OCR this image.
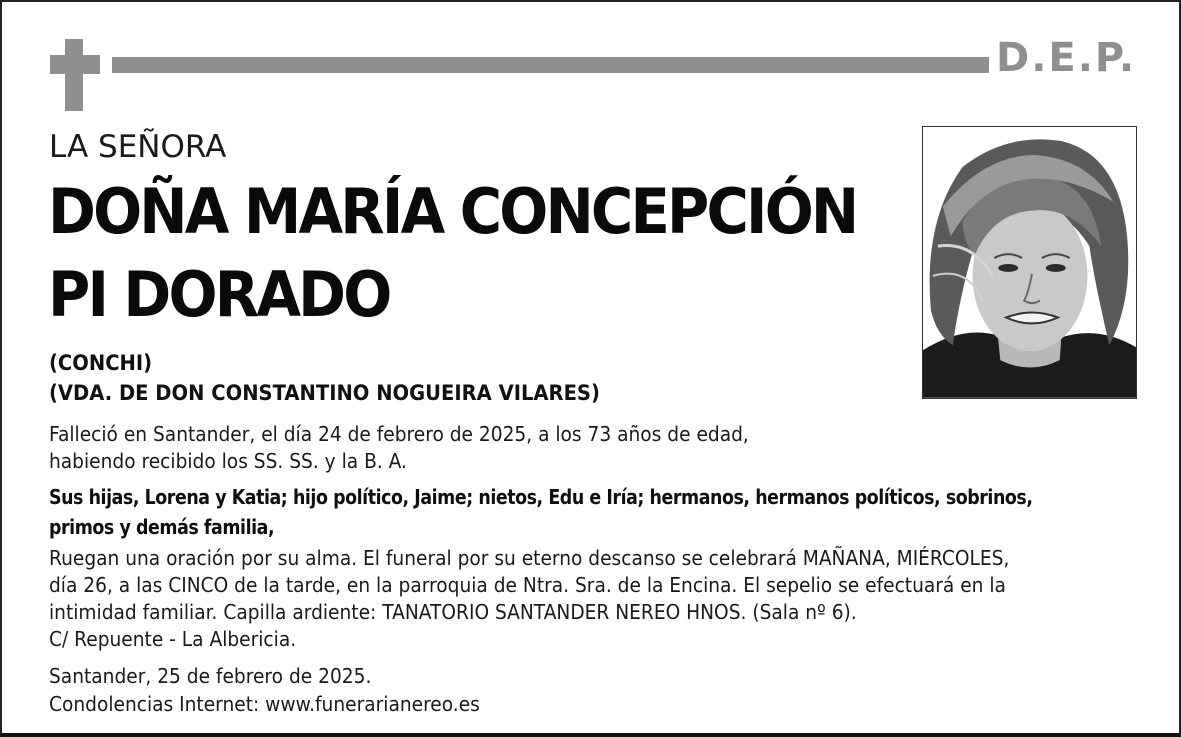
D.E.P.
LA SEÑORA
DOÑA MARÍA CONCEPCIÓN
PI DORADO
(CONCHI)
(VDA. DE DON CONSTANTINO NOGUEIRA VILARES)
Falleció en Santander, el día 24 de febrero de 2025, a los 73 años de edad,
habiendo recibido los SS. SS. y la B. A.
Sus hijas, Lorena y Katia; hijo político, Jaime; nietos, Edu e Iría; hermanos, hermanos políticos, sobrinos,
primos y demás familia,
Ruegan una oración por su alma. El funeral por su eterno descanso se celebrará MAÑANA, MIÉRCOLES,
día 26, a las CINCO de la tarde, en la parroquia de Ntra. Sra. de la Encina. El sepelio se efectuará en la
intimidad familiar. Capilla ardiente: TANATORIO SANTANDER NEREO HNOS. (Sala nº 6).
C/ Repuente - La Albericia.
Santander, 25 de febrero de 2025.
Condolencias Internet: www.funerarianereo.es
